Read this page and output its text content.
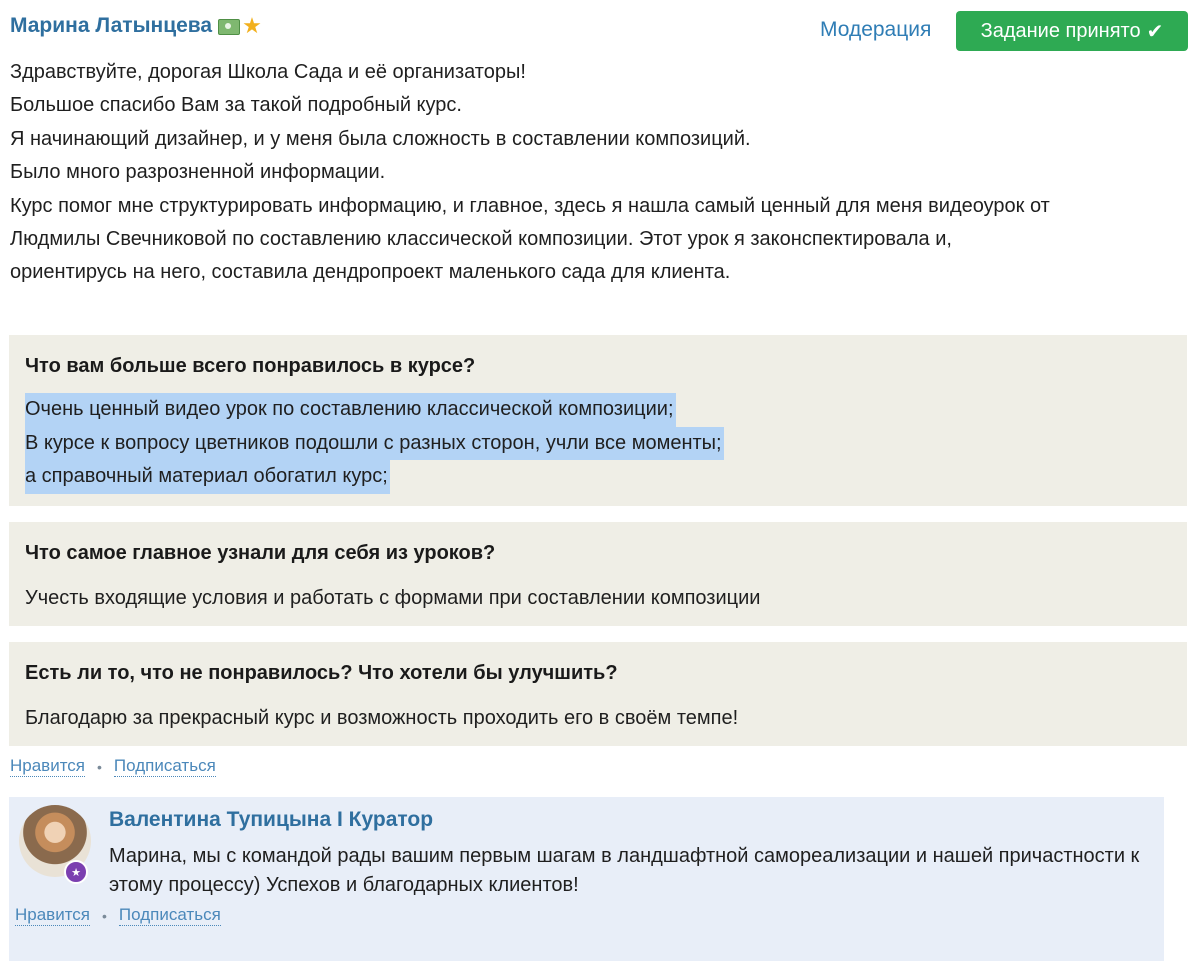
Марина Латынцева ★	Модерация Задание принято ✔
Здравствуйте, дорогая Школа Сада и её организаторы!
Большое спасибо Вам за такой подробный курс.
Я начинающий дизайнер, и у меня была сложность в составлении композиций.
Было много разрозненной информации.
Курс помог мне структурировать информацию, и главное, здесь я нашла самый ценный для меня видеоурок от
Людмилы Свечниковой по составлению классической композиции. Этот урок я законспектировала и,
ориентирусь на него, составила дендропроект маленького сада для клиента.
Что вам больше всего понравилось в курсе?
Очень ценный видео урок по составлению классической композиции;
В курсе к вопросу цветников подошли с разных сторон, учли все моменты;
а справочный материал обогатил курс;
Что самое главное узнали для себя из уроков?
Учесть входящие условия и работать с формами при составлении композиции
Есть ли то, что не понравилось? Что хотели бы улучшить?
Благодарю за прекрасный курс и возможность проходить его в своём темпе!
Нравится • Подписаться
★
Валентина Тупицына I Куратор
Марина, мы с командой рады вашим первым шагам в ландшафтной самореализации и нашей причастности к этому процессу) Успехов и благодарных клиентов!
Нравится • Подписаться
